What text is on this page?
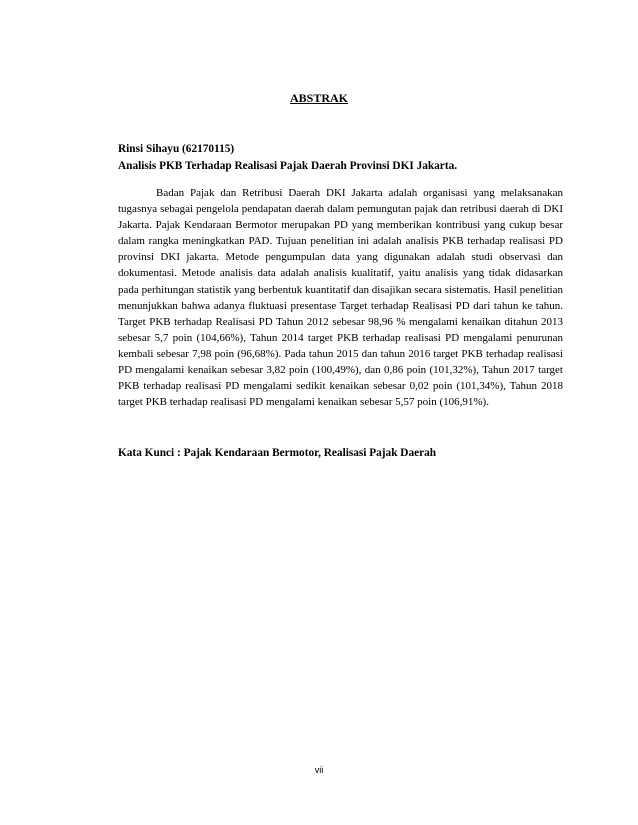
ABSTRAK
Rinsi Sihayu (62170115)
Analisis PKB Terhadap Realisasi Pajak Daerah Provinsi DKI Jakarta.

Badan Pajak dan Retribusi Daerah DKI Jakarta adalah organisasi yang melaksanakan tugasnya sebagai pengelola pendapatan daerah dalam pemungutan pajak dan retribusi daerah di DKI Jakarta. Pajak Kendaraan Bermotor merupakan PD yang memberikan kontribusi yang cukup besar dalam rangka meningkatkan PAD. Tujuan penelitian ini adalah analisis PKB terhadap realisasi PD provinsi DKI jakarta. Metode pengumpulan data yang digunakan adalah studi observasi dan dokumentasi. Metode analisis data adalah analisis kualitatif, yaitu analisis yang tidak didasarkan pada perhitungan statistik yang berbentuk kuantitatif dan disajikan secara sistematis. Hasil penelitian menunjukkan bahwa adanya fluktuasi presentase Target terhadap Realisasi PD dari tahun ke tahun. Target PKB terhadap Realisasi PD Tahun 2012 sebesar 98,96 % mengalami kenaikan ditahun 2013 sebesar 5,7 poin (104,66%), Tahun 2014 target PKB terhadap realisasi PD mengalami penurunan kembali sebesar 7,98 poin (96,68%). Pada tahun 2015 dan tahun 2016 target PKB terhadap realisasi PD mengalami kenaikan sebesar 3,82 poin (100,49%), dan 0,86 poin (101,32%), Tahun 2017 target PKB terhadap realisasi PD mengalami sedikit kenaikan sebesar 0,02 poin (101,34%), Tahun 2018 target PKB terhadap realisasi PD mengalami kenaikan sebesar 5,57 poin (106,91%).

Kata Kunci : Pajak Kendaraan Bermotor, Realisasi Pajak Daerah
vii
